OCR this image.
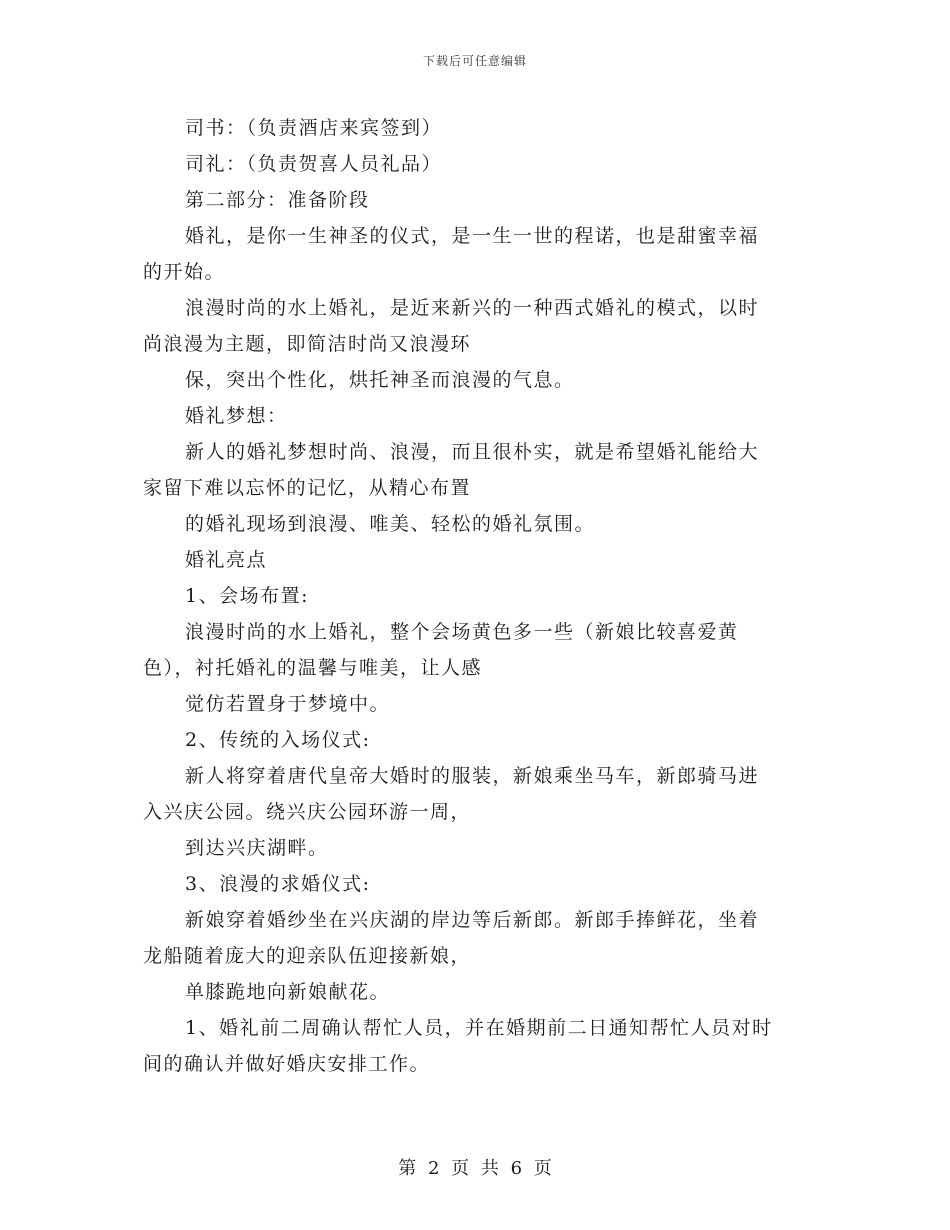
下载后可任意编辑
司书：（负责酒店来宾签到）
司礼：（负责贺喜人员礼品）
第二部分：准备阶段
婚礼，是你一生神圣的仪式，是一生一世的程诺，也是甜蜜幸福
的开始。
浪漫时尚的水上婚礼，是近来新兴的一种西式婚礼的模式，以时
尚浪漫为主题，即简洁时尚又浪漫环
保，突出个性化，烘托神圣而浪漫的气息。
婚礼梦想：
新人的婚礼梦想时尚、浪漫，而且很朴实，就是希望婚礼能给大
家留下难以忘怀的记忆，从精心布置
的婚礼现场到浪漫、唯美、轻松的婚礼氛围。
婚礼亮点
1、会场布置:
浪漫时尚的水上婚礼，整个会场黄色多一些（新娘比较喜爱黄
色），衬托婚礼的温馨与唯美，让人感
觉仿若置身于梦境中。
2、传统的入场仪式:
新人将穿着唐代皇帝大婚时的服装，新娘乘坐马车，新郎骑马进
入兴庆公园。绕兴庆公园环游一周，
到达兴庆湖畔。
3、浪漫的求婚仪式:
新娘穿着婚纱坐在兴庆湖的岸边等后新郎。新郎手捧鲜花，坐着
龙船随着庞大的迎亲队伍迎接新娘，
单膝跪地向新娘献花。
1、婚礼前二周确认帮忙人员，并在婚期前二日通知帮忙人员对时
间的确认并做好婚庆安排工作。
第 2 页 共 6 页
